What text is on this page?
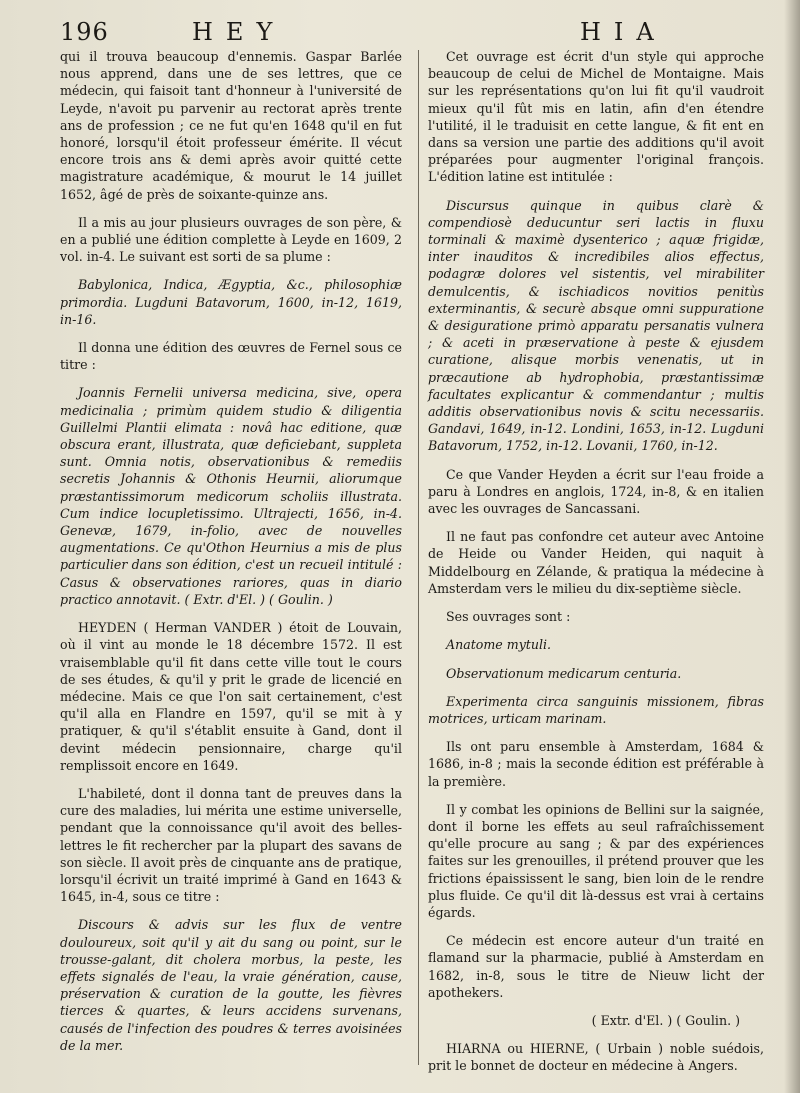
196	HEY	HIA

qui il trouva beaucoup d'ennemis. Gaspar Barlée nous apprend, dans une de ses lettres, que ce médecin, qui faisoit tant d'honneur à l'université de Leyde, n'avoit pu parvenir au rectorat après trente ans de profession ; ce ne fut qu'en 1648 qu'il en fut honoré, lorsqu'il étoit professeur émérite. Il vécut encore trois ans & demi après avoir quitté cette magistrature académique, & mourut le 14 juillet 1652, âgé de près de soixante-quinze ans.

Il a mis au jour plusieurs ouvrages de son père, & en a publié une édition complette à Leyde en 1609, 2 vol. in-4. Le suivant est sorti de sa plume :

Babylonica, Indica, Ægyptia, &c., philosophiæ primordia. Lugduni Batavorum, 1600, in-12, 1619, in-16.

Il donna une édition des œuvres de Fernel sous ce titre :

Joannis Fernelii universa medicina, sive, opera medicinalia ; primùm quidem studio & diligentia Guillelmi Plantii elimata : novâ hac editione, quæ obscura erant, illustrata, quæ deficiebant, suppleta sunt. Omnia notis, observationibus & remediis secretis Johannis & Othonis Heurnii, aliorumque præstantissimorum medicorum scholiis illustrata. Cum indice locupletissimo. Ultrajecti, 1656, in-4. Genevæ, 1679, in-folio, avec de nouvelles augmentations. Ce qu'Othon Heurnius a mis de plus particulier dans son édition, c'est un recueil intitulé : Casus & observationes rariores, quas in diario practico annotavit. ( Extr. d'El. ) ( Goulin. )

HEYDEN ( Herman VANDER ) étoit de Louvain, où il vint au monde le 18 décembre 1572. Il est vraisemblable qu'il fit dans cette ville tout le cours de ses études, & qu'il y prit le grade de licencié en médecine. Mais ce que l'on sait certainement, c'est qu'il alla en Flandre en 1597, qu'il se mit à y pratiquer, & qu'il s'établit ensuite à Gand, dont il devint médecin pensionnaire, charge qu'il remplissoit encore en 1649.

L'habileté, dont il donna tant de preuves dans la cure des maladies, lui mérita une estime universelle, pendant que la connoissance qu'il avoit des belles-lettres le fit rechercher par la plupart des savans de son siècle. Il avoit près de cinquante ans de pratique, lorsqu'il écrivit un traité imprimé à Gand en 1643 & 1645, in-4, sous ce titre :

Discours & advis sur les flux de ventre douloureux, soit qu'il y ait du sang ou point, sur le trousse-galant, dit cholera morbus, la peste, les effets signalés de l'eau, la vraie génération, cause, préservation & curation de la goutte, les fièvres tierces & quartes, & leurs accidens survenans, causés de l'infection des poudres & terres avoisinées de la mer.

Cet ouvrage est écrit d'un style qui approche beaucoup de celui de Michel de Montaigne. Mais sur les représentations qu'on lui fit qu'il vaudroit mieux qu'il fût mis en latin, afin d'en étendre l'utilité, il le traduisit en cette langue, & fit ent en dans sa version une partie des additions qu'il avoit préparées pour augmenter l'original françois. L'édition latine est intitulée :

Discursus quinque in quibus clarè & compendiosè deducuntur seri lactis in fluxu torminali & maximè dysenterico ; aquæ frigidæ, inter inauditos & incredibiles alios effectus, podagræ dolores vel sistentis, vel mirabiliter demulcentis, & ischiadicos novitios penitùs exterminantis, & securè absque omni suppuratione & desiguratione primò apparatu persanatis vulnera ; & aceti in præservatione à peste & ejusdem curatione, alisque morbis venenatis, ut in præcautione ab hydrophobia, præstantissimæ facultates explicantur & commendantur ; multis additis observationibus novis & scitu necessariis. Gandavi, 1649, in-12. Londini, 1653, in-12. Lugduni Batavorum, 1752, in-12. Lovanii, 1760, in-12.

Ce que Vander Heyden a écrit sur l'eau froide a paru à Londres en anglois, 1724, in-8, & en italien avec les ouvrages de Sancassani.

Il ne faut pas confondre cet auteur avec Antoine de Heide ou Vander Heiden, qui naquit à Middelbourg en Zélande, & pratiqua la médecine à Amsterdam vers le milieu du dix-septième siècle.

Ses ouvrages sont :

Anatome mytuli.

Observationum medicarum centuria.

Experimenta circa sanguinis missionem, fibras motrices, urticam marinam.

Ils ont paru ensemble à Amsterdam, 1684 & 1686, in-8 ; mais la seconde édition est préférable à la première.

Il y combat les opinions de Bellini sur la saignée, dont il borne les effets au seul rafraîchissement qu'elle procure au sang ; & par des expériences faites sur les grenouilles, il prétend prouver que les frictions épaississent le sang, bien loin de le rendre plus fluide. Ce qu'il dit là-dessus est vrai à certains égards.

Ce médecin est encore auteur d'un traité en flamand sur la pharmacie, publié à Amsterdam en 1682, in-8, sous le titre de Nieuw licht der apothekers.

( Extr. d'El. ) ( Goulin. )

HIARNA ou HIERNE, ( Urbain ) noble suédois, prit le bonnet de docteur en médecine à Angers.
